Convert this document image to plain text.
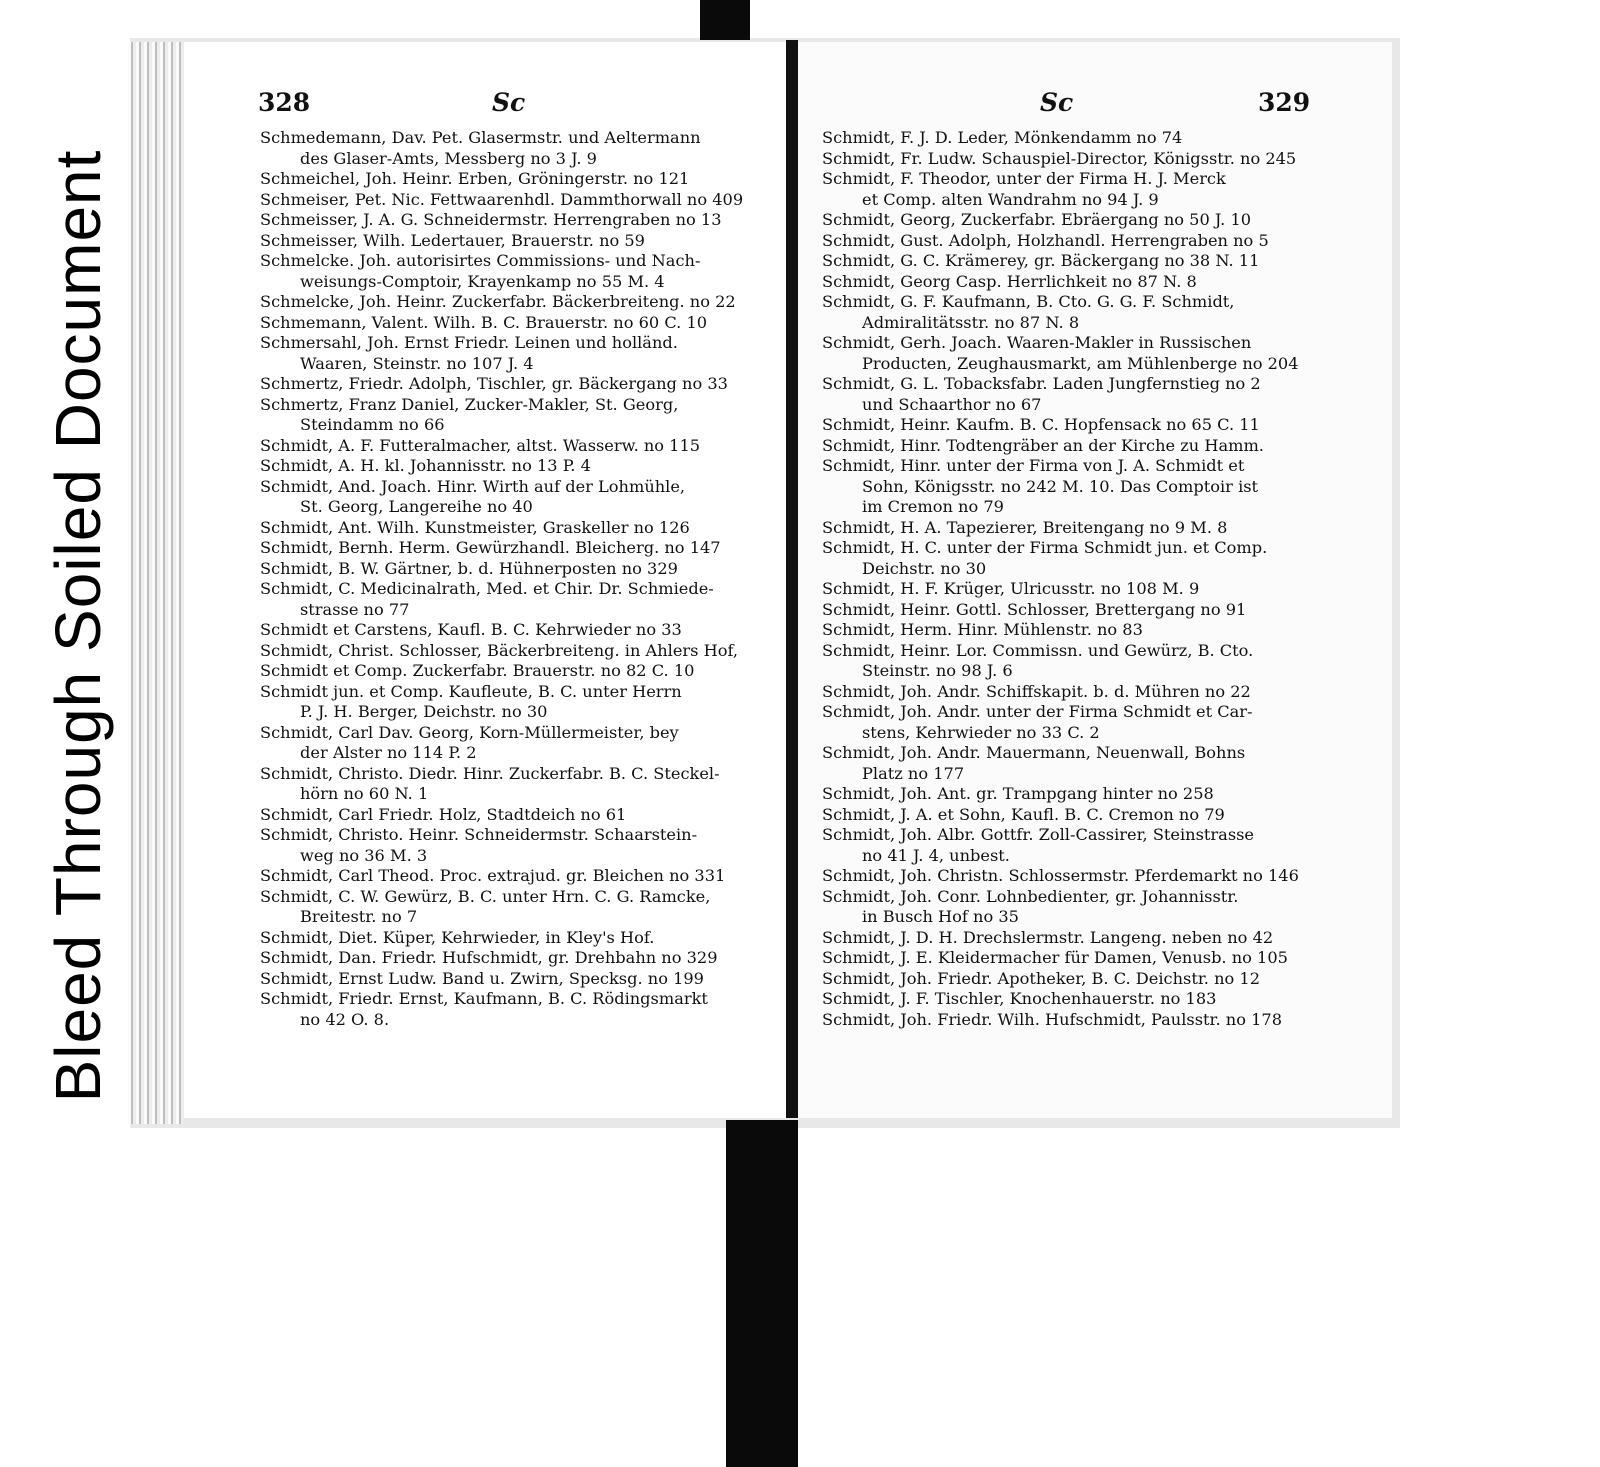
Bleed Through Soiled Document
328	Sc	Sc	329
Schmedemann, Dav. Pet. Glasermstr. und Aeltermann
des Glaser-Amts, Messberg no 3 J. 9
Schmeichel, Joh. Heinr. Erben, Gröningerstr. no 121
Schmeiser, Pet. Nic. Fettwaarenhdl. Dammthorwall no 409
Schmeisser, J. A. G. Schneidermstr. Herrengraben no 13
Schmeisser, Wilh. Ledertauer, Brauerstr. no 59
Schmelcke. Joh. autorisirtes Commissions- und Nach-
weisungs-Comptoir, Krayenkamp no 55 M. 4
Schmelcke, Joh. Heinr. Zuckerfabr. Bäckerbreiteng. no 22
Schmemann, Valent. Wilh. B. C. Brauerstr. no 60 C. 10
Schmersahl, Joh. Ernst Friedr. Leinen und holländ.
Waaren, Steinstr. no 107 J. 4
Schmertz, Friedr. Adolph, Tischler, gr. Bäckergang no 33
Schmertz, Franz Daniel, Zucker-Makler, St. Georg,
Steindamm no 66
Schmidt, A. F. Futteralmacher, altst. Wasserw. no 115
Schmidt, A. H. kl. Johannisstr. no 13 P. 4
Schmidt, And. Joach. Hinr. Wirth auf der Lohmühle,
St. Georg, Langereihe no 40
Schmidt, Ant. Wilh. Kunstmeister, Graskeller no 126
Schmidt, Bernh. Herm. Gewürzhandl. Bleicherg. no 147
Schmidt, B. W. Gärtner, b. d. Hühnerposten no 329
Schmidt, C. Medicinalrath, Med. et Chir. Dr. Schmiede-
strasse no 77
Schmidt et Carstens, Kaufl. B. C. Kehrwieder no 33
Schmidt, Christ. Schlosser, Bäckerbreiteng. in Ahlers Hof,
Schmidt et Comp. Zuckerfabr. Brauerstr. no 82 C. 10
Schmidt jun. et Comp. Kaufleute, B. C. unter Herrn
P. J. H. Berger, Deichstr. no 30
Schmidt, Carl Dav. Georg, Korn-Müllermeister, bey
der Alster no 114 P. 2
Schmidt, Christo. Diedr. Hinr. Zuckerfabr. B. C. Steckel-
hörn no 60 N. 1
Schmidt, Carl Friedr. Holz, Stadtdeich no 61
Schmidt, Christo. Heinr. Schneidermstr. Schaarstein-
weg no 36 M. 3
Schmidt, Carl Theod. Proc. extrajud. gr. Bleichen no 331
Schmidt, C. W. Gewürz, B. C. unter Hrn. C. G. Ramcke,
Breitestr. no 7
Schmidt, Diet. Küper, Kehrwieder, in Kley's Hof.
Schmidt, Dan. Friedr. Hufschmidt, gr. Drehbahn no 329
Schmidt, Ernst Ludw. Band u. Zwirn, Specksg. no 199
Schmidt, Friedr. Ernst, Kaufmann, B. C. Rödingsmarkt
no 42 O. 8.
Schmidt, F. J. D. Leder, Mönkendamm no 74
Schmidt, Fr. Ludw. Schauspiel-Director, Königsstr. no 245
Schmidt, F. Theodor, unter der Firma H. J. Merck
et Comp. alten Wandrahm no 94 J. 9
Schmidt, Georg, Zuckerfabr. Ebräergang no 50 J. 10
Schmidt, Gust. Adolph, Holzhandl. Herrengraben no 5
Schmidt, G. C. Krämerey, gr. Bäckergang no 38 N. 11
Schmidt, Georg Casp. Herrlichkeit no 87 N. 8
Schmidt, G. F. Kaufmann, B. Cto. G. G. F. Schmidt,
Admiralitätsstr. no 87 N. 8
Schmidt, Gerh. Joach. Waaren-Makler in Russischen
Producten, Zeughausmarkt, am Mühlenberge no 204
Schmidt, G. L. Tobacksfabr. Laden Jungfernstieg no 2
und Schaarthor no 67
Schmidt, Heinr. Kaufm. B. C. Hopfensack no 65 C. 11
Schmidt, Hinr. Todtengräber an der Kirche zu Hamm.
Schmidt, Hinr. unter der Firma von J. A. Schmidt et
Sohn, Königsstr. no 242 M. 10. Das Comptoir ist
im Cremon no 79
Schmidt, H. A. Tapezierer, Breitengang no 9 M. 8
Schmidt, H. C. unter der Firma Schmidt jun. et Comp.
Deichstr. no 30
Schmidt, H. F. Krüger, Ulricusstr. no 108 M. 9
Schmidt, Heinr. Gottl. Schlosser, Brettergang no 91
Schmidt, Herm. Hinr. Mühlenstr. no 83
Schmidt, Heinr. Lor. Commissn. und Gewürz, B. Cto.
Steinstr. no 98 J. 6
Schmidt, Joh. Andr. Schiffskapit. b. d. Mühren no 22
Schmidt, Joh. Andr. unter der Firma Schmidt et Car-
stens, Kehrwieder no 33 C. 2
Schmidt, Joh. Andr. Mauermann, Neuenwall, Bohns
Platz no 177
Schmidt, Joh. Ant. gr. Trampgang hinter no 258
Schmidt, J. A. et Sohn, Kaufl. B. C. Cremon no 79
Schmidt, Joh. Albr. Gottfr. Zoll-Cassirer, Steinstrasse
no 41 J. 4, unbest.
Schmidt, Joh. Christn. Schlossermstr. Pferdemarkt no 146
Schmidt, Joh. Conr. Lohnbedienter, gr. Johannisstr.
in Busch Hof no 35
Schmidt, J. D. H. Drechslermstr. Langeng. neben no 42
Schmidt, J. E. Kleidermacher für Damen, Venusb. no 105
Schmidt, Joh. Friedr. Apotheker, B. C. Deichstr. no 12
Schmidt, J. F. Tischler, Knochenhauerstr. no 183
Schmidt, Joh. Friedr. Wilh. Hufschmidt, Paulsstr. no 178
